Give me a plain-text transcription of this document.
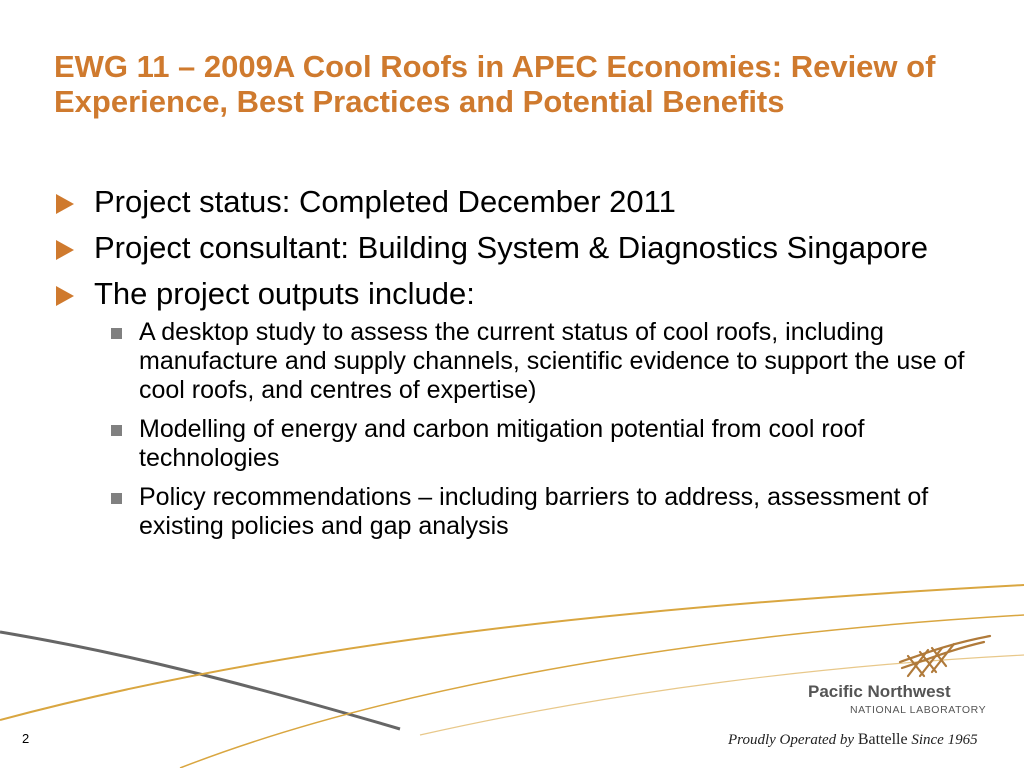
EWG 11 – 2009A Cool Roofs in APEC Economies: Review of Experience, Best Practices and Potential Benefits
Project status: Completed December 2011
Project consultant: Building System & Diagnostics Singapore
The project outputs include:
A desktop study to assess the current status of cool roofs, including manufacture and supply channels, scientific evidence to support the use of cool roofs, and centres of expertise)
Modelling of energy and carbon mitigation potential from cool roof technologies
Policy recommendations – including barriers to address, assessment of existing policies and gap analysis
2
Pacific Northwest
NATIONAL LABORATORY
Proudly Operated by Battelle Since 1965
